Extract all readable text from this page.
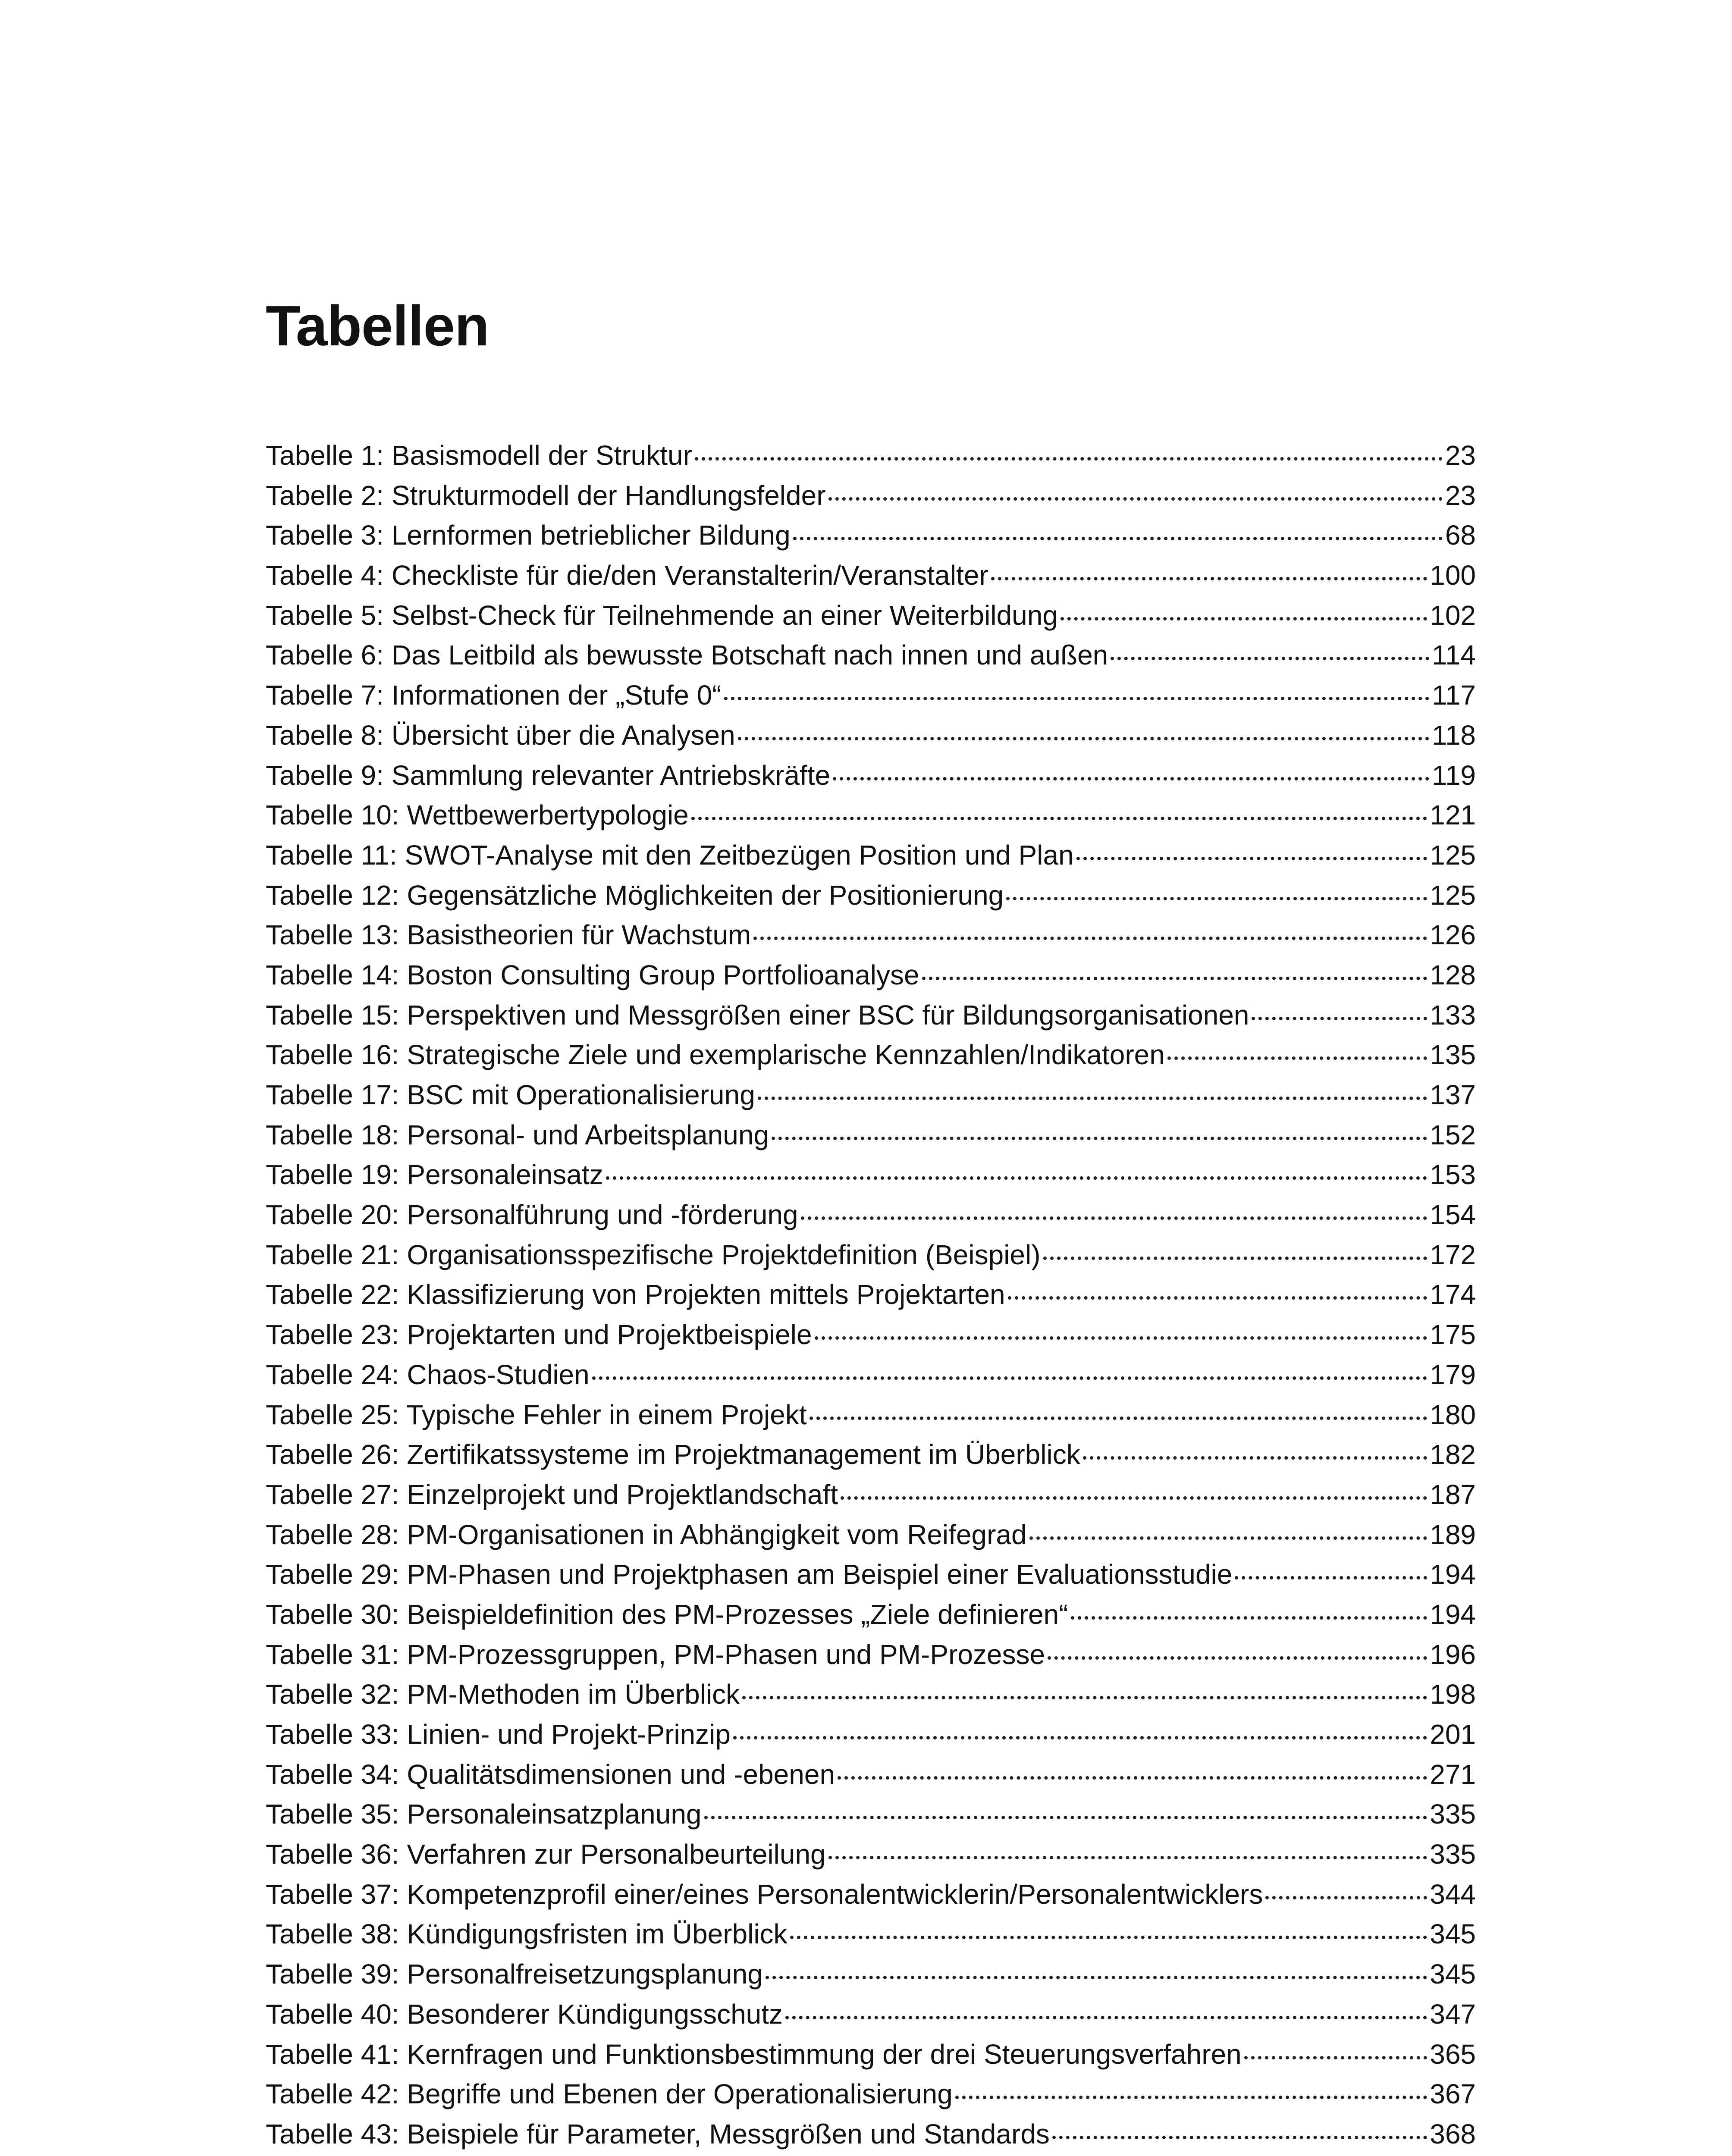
Tabellen
Tabelle 1: Basismodell der Struktur	23
Tabelle 2: Strukturmodell der Handlungsfelder	23
Tabelle 3: Lernformen betrieblicher Bildung	68
Tabelle 4: Checkliste für die/den Veranstalterin/Veranstalter	100
Tabelle 5: Selbst-Check für Teilnehmende an einer Weiterbildung	102
Tabelle 6: Das Leitbild als bewusste Botschaft nach innen und außen	114
Tabelle 7: Informationen der „Stufe 0“	117
Tabelle 8: Übersicht über die Analysen	118
Tabelle 9: Sammlung relevanter Antriebskräfte	119
Tabelle 10: Wettbewerbertypologie	121
Tabelle 11: SWOT-Analyse mit den Zeitbezügen Position und Plan	125
Tabelle 12: Gegensätzliche Möglichkeiten der Positionierung	125
Tabelle 13: Basistheorien für Wachstum	126
Tabelle 14: Boston Consulting Group Portfolioanalyse	128
Tabelle 15: Perspektiven und Messgrößen einer BSC für Bildungsorganisationen	133
Tabelle 16: Strategische Ziele und exemplarische Kennzahlen/Indikatoren	135
Tabelle 17: BSC mit Operationalisierung	137
Tabelle 18: Personal- und Arbeitsplanung	152
Tabelle 19: Personaleinsatz	153
Tabelle 20: Personalführung und -förderung	154
Tabelle 21: Organisationsspezifische Projektdefinition (Beispiel)	172
Tabelle 22: Klassifizierung von Projekten mittels Projektarten	174
Tabelle 23: Projektarten und Projektbeispiele	175
Tabelle 24: Chaos-Studien	179
Tabelle 25: Typische Fehler in einem Projekt	180
Tabelle 26: Zertifikatssysteme im Projektmanagement im Überblick	182
Tabelle 27: Einzelprojekt und Projektlandschaft	187
Tabelle 28: PM-Organisationen in Abhängigkeit vom Reifegrad	189
Tabelle 29: PM-Phasen und Projektphasen am Beispiel einer Evaluationsstudie	194
Tabelle 30: Beispieldefinition des PM-Prozesses „Ziele definieren“	194
Tabelle 31: PM-Prozessgruppen, PM-Phasen und PM-Prozesse	196
Tabelle 32: PM-Methoden im Überblick	198
Tabelle 33: Linien- und Projekt-Prinzip	201
Tabelle 34: Qualitätsdimensionen und -ebenen	271
Tabelle 35: Personaleinsatzplanung	335
Tabelle 36: Verfahren zur Personalbeurteilung	335
Tabelle 37: Kompetenzprofil einer/eines Personalentwicklerin/Personalentwicklers	344
Tabelle 38: Kündigungsfristen im Überblick	345
Tabelle 39: Personalfreisetzungsplanung	345
Tabelle 40: Besonderer Kündigungsschutz	347
Tabelle 41: Kernfragen und Funktionsbestimmung der drei Steuerungsverfahren	365
Tabelle 42: Begriffe und Ebenen der Operationalisierung	367
Tabelle 43: Beispiele für Parameter, Messgrößen und Standards	368
